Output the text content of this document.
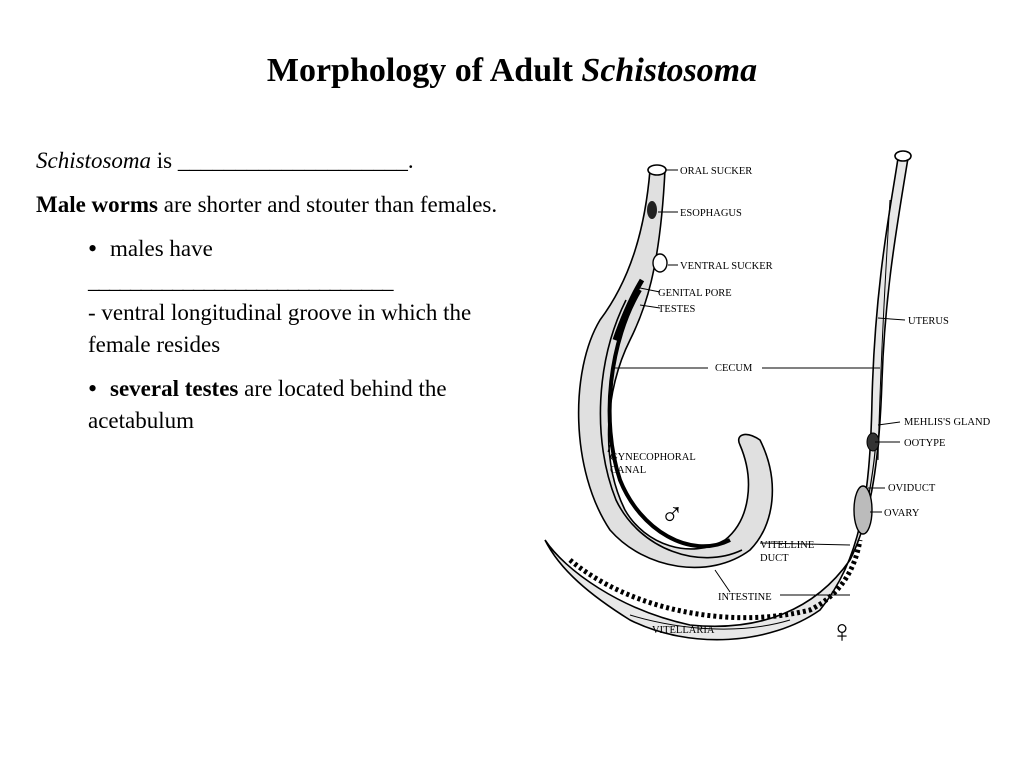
Morphology of Adult Schistosoma

Schistosoma is ____________________.

Male worms are shorter and stouter than females.

• males have
_____________________________
- ventral longitudinal groove in which the female resides
• several testes are located behind the acetabulum
ORAL SUCKER
ESOPHAGUS
VENTRAL SUCKER
GENITAL PORE
TESTES
UTERUS
CECUM
MEHLIS'S GLAND
OOTYPE
GYNECOPHORAL
CANAL
OVIDUCT
OVARY
VITELLINE
DUCT
INTESTINE
VITELLARIA
♂
♀
